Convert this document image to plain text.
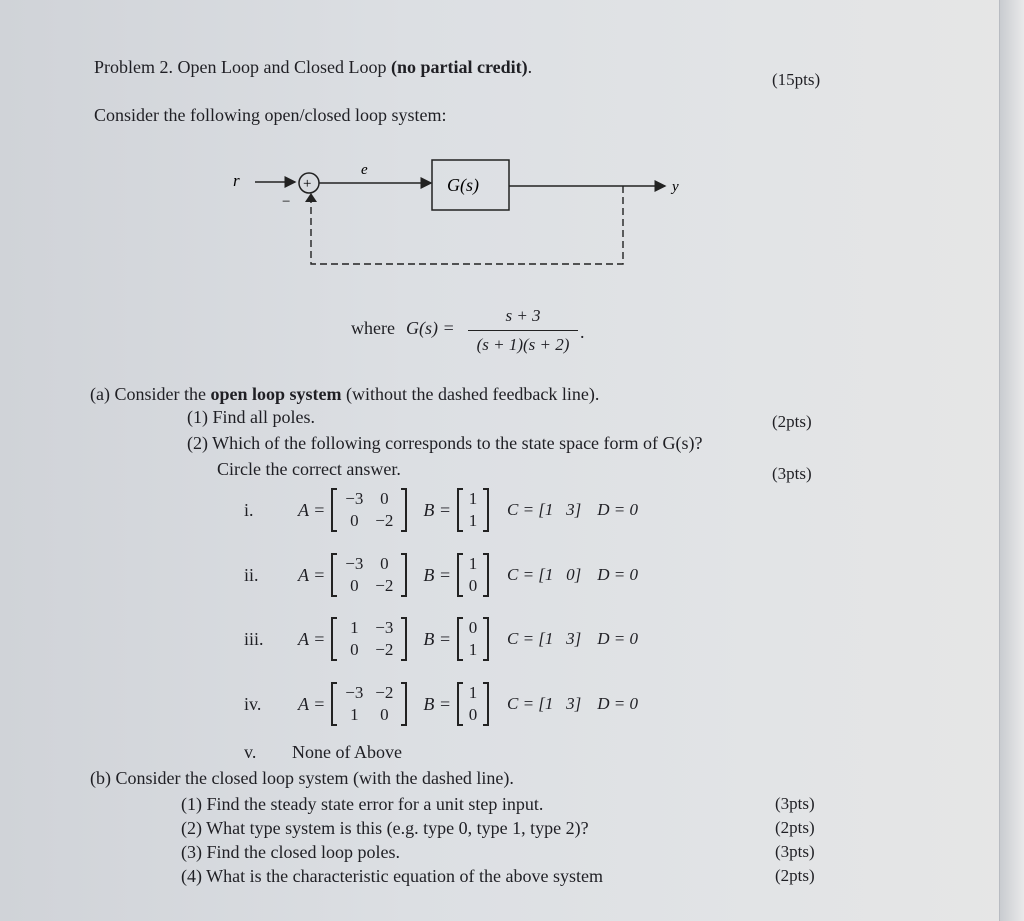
Problem 2. Open Loop and Closed Loop (no partial credit).
(15pts)
Consider the following open/closed loop system:
r	+
−
e
G(s)	y
where G(s) =
s + 3
(s + 1)(s + 2)
.
(a) Consider the open loop system (without the dashed feedback line).
(1) Find all poles.	(2pts)
(2) Which of the following corresponds to the state space form of G(s)?
Circle the correct answer.	(3pts)
i. A =
−3 0
0 −2
B =
1
1
C = [1   3] D = 0
ii. A =
−3 0
0 −2
B =
1
0
C = [1   0] D = 0
iii. A =
1 −3
0 −2
B =
0
1
C = [1   3] D = 0
iv. A =
−3 −2
1	0
B =
1
0
C = [1   3] D = 0
v. None of Above
(b) Consider the closed loop system (with the dashed line).
(1) Find the steady state error for a unit step input.	(3pts)
(2) What type system is this (e.g. type 0, type 1, type 2)?	(2pts)
(3) Find the closed loop poles.	(3pts)
(4) What is the characteristic equation of the above system	(2pts)
